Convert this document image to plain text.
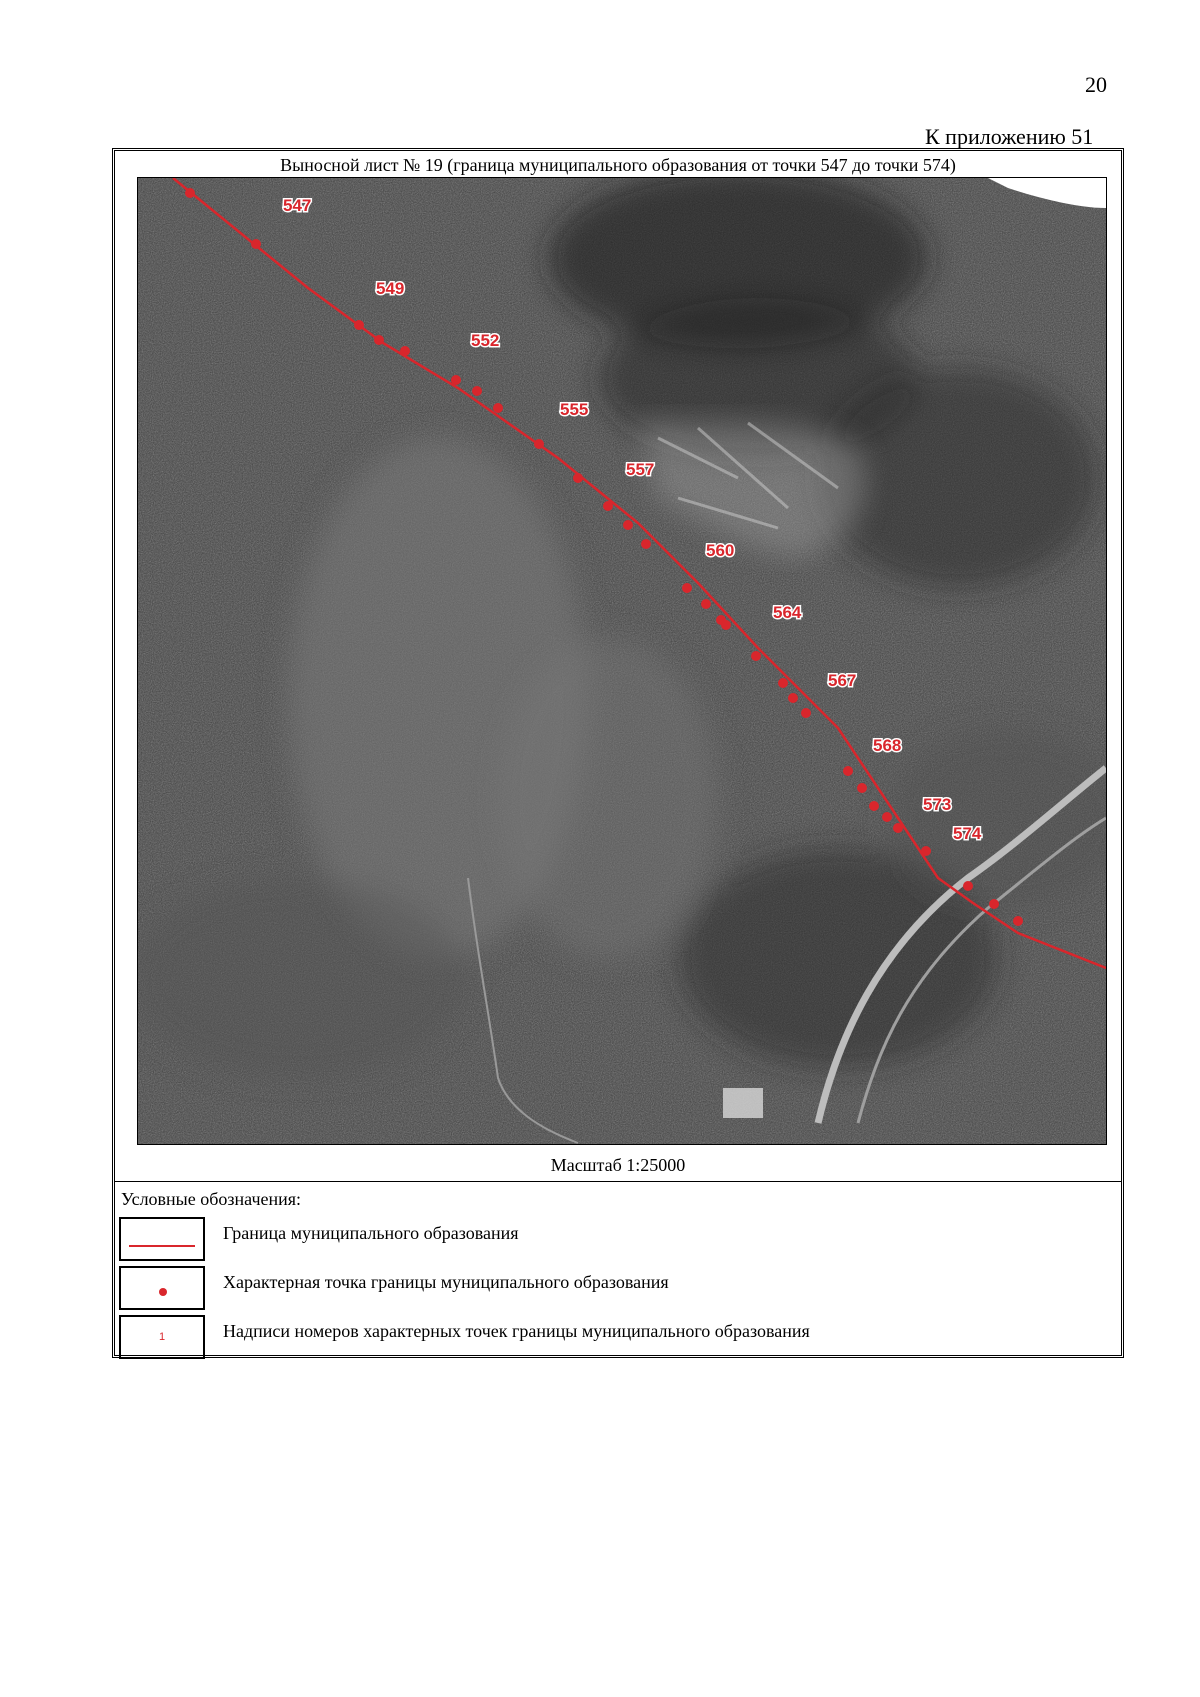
20
К приложению 51
Выносной лист № 19 (граница муниципального образования от точки 547 до точки 574)
547
549
552
555
557
560
564
567
568
573
574
Масштаб 1:25000
Условные обозначения:
Граница муниципального образования
Характерная точка границы муниципального образования
1	Надписи номеров характерных точек границы муниципального образования
